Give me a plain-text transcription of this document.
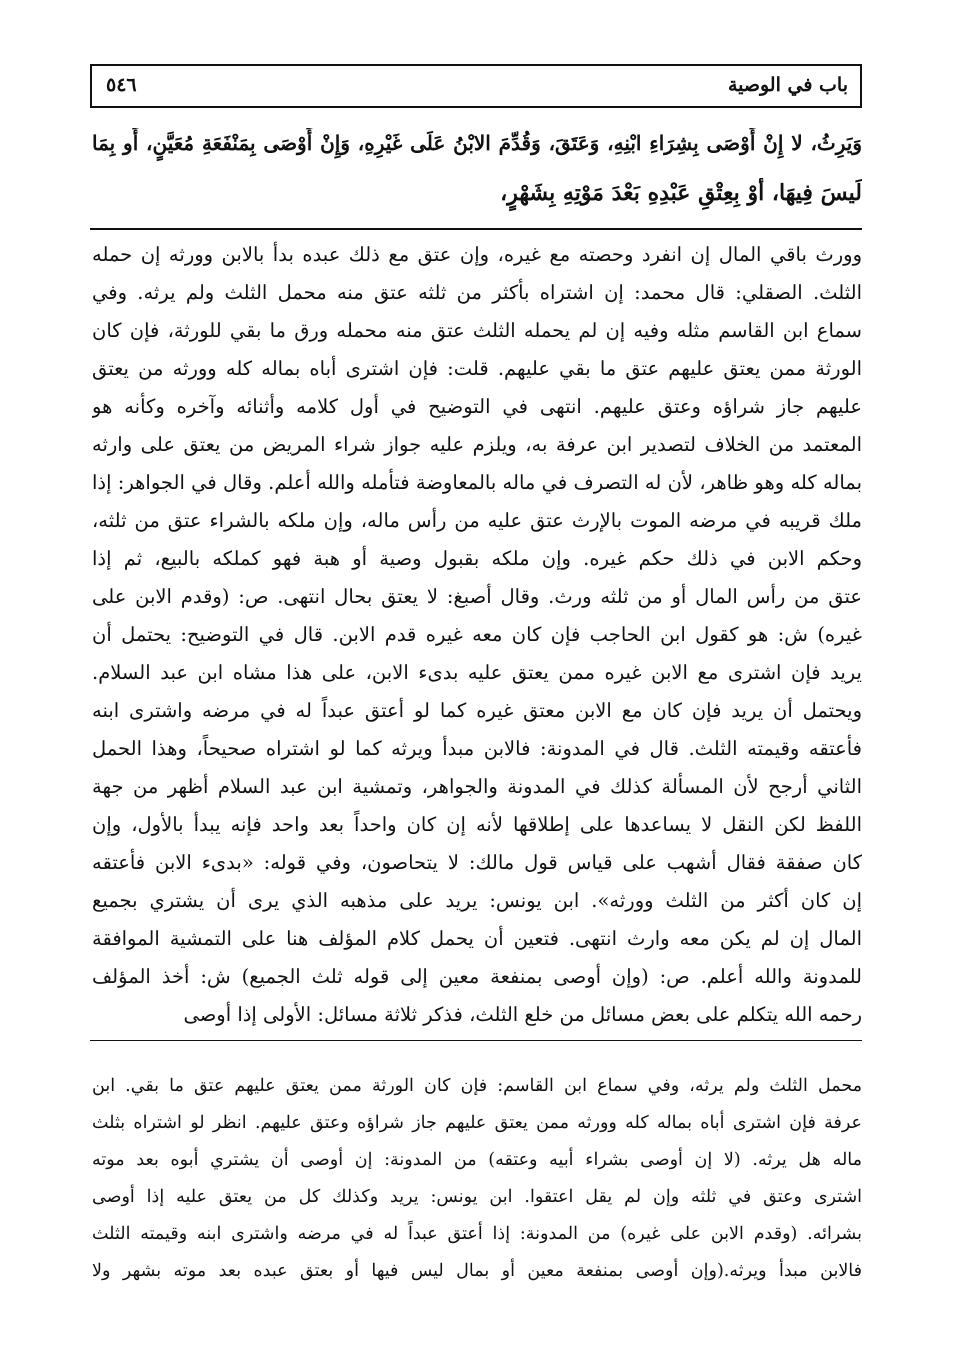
باب في الوصية
٥٤٦
وَيَرِثُ، لا إِنْ أَوْصَى بِشِرَاءِ ابْنِهِ، وَعَتَقَ، وَقُدِّمَ الابْنُ عَلَى غَيْرِهِ، وَإِنْ أَوْصَى بِمَنْفَعَةِ مُعَيَّنٍ، أَو بِمَا
لَيسَ فِيهَا، أَوْ بِعِتْقِ عَبْدِهِ بَعْدَ مَوْتِهِ بِشَهْرٍ،
وورث باقي المال إن انفرد وحصته مع غيره، وإن عتق مع ذلك عبده بدأ بالابن وورثه إن حمله
الثلث. الصقلي: قال محمد: إن اشتراه بأكثر من ثلثه عتق منه محمل الثلث ولم يرثه. وفي
سماع ابن القاسم مثله وفيه إن لم يحمله الثلث عتق منه محمله ورق ما بقي للورثة، فإن كان
الورثة ممن يعتق عليهم عتق ما بقي عليهم. قلت: فإن اشترى أباه بماله كله وورثه من يعتق
عليهم جاز شراؤه وعتق عليهم. انتهى في التوضيح في أول كلامه وأثنائه وآخره وكأنه هو
المعتمد من الخلاف لتصدير ابن عرفة به، ويلزم عليه جواز شراء المريض من يعتق على وارثه
بماله كله وهو ظاهر، لأن له التصرف في ماله بالمعاوضة فتأمله والله أعلم. وقال في الجواهر: إذا
ملك قريبه في مرضه الموت بالإرث عتق عليه من رأس ماله، وإن ملكه بالشراء عتق من ثلثه،
وحكم الابن في ذلك حكم غيره. وإن ملكه بقبول وصية أو هبة فهو كملكه بالبيع، ثم إذا
عتق من رأس المال أو من ثلثه ورث. وقال أصبغ: لا يعتق بحال انتهى. ص: (وقدم الابن على
غيره) ش: هو كقول ابن الحاجب فإن كان معه غيره قدم الابن. قال في التوضيح: يحتمل أن
يريد فإن اشترى مع الابن غيره ممن يعتق عليه بدىء الابن، على هذا مشاه ابن عبد السلام.
ويحتمل أن يريد فإن كان مع الابن معتق غيره كما لو أعتق عبداً له في مرضه واشترى ابنه
فأعتقه وقيمته الثلث. قال في المدونة: فالابن مبدأ ويرثه كما لو اشتراه صحيحاً، وهذا الحمل
الثاني أرجح لأن المسألة كذلك في المدونة والجواهر، وتمشية ابن عبد السلام أظهر من جهة
اللفظ لكن النقل لا يساعدها على إطلاقها لأنه إن كان واحداً بعد واحد فإنه يبدأ بالأول، وإن
كان صفقة فقال أشهب على قياس قول مالك: لا يتحاصون، وفي قوله: «بدىء الابن فأعتقه
إن كان أكثر من الثلث وورثه». ابن يونس: يريد على مذهبه الذي يرى أن يشتري بجميع
المال إن لم يكن معه وارث انتهى. فتعين أن يحمل كلام المؤلف هنا على التمشية الموافقة
للمدونة والله أعلم. ص: (وإن أوصى بمنفعة معين إلى قوله ثلث الجميع) ش: أخذ المؤلف
رحمه الله يتكلم على بعض مسائل من خلع الثلث، فذكر ثلاثة مسائل: الأولى إذا أوصى
محمل الثلث ولم يرثه، وفي سماع ابن القاسم: فإن كان الورثة ممن يعتق عليهم عتق ما بقي. ابن
عرفة فإن اشترى أباه بماله كله وورثه ممن يعتق عليهم جاز شراؤه وعتق عليهم. انظر لو اشتراه بثلث
ماله هل يرثه. (لا إن أوصى بشراء أبيه وعتقه) من المدونة: إن أوصى أن يشتري أبوه بعد موته
اشترى وعتق في ثلثه وإن لم يقل اعتقوا. ابن يونس: يريد وكذلك كل من يعتق عليه إذا أوصى
بشرائه. (وقدم الابن على غيره) من المدونة: إذا أعتق عبداً له في مرضه واشترى ابنه وقيمته الثلث
فالابن مبدأ ويرثه.(وإن أوصى بمنفعة معين أو بمال ليس فيها أو بعتق عبده بعد موته بشهر ولا
